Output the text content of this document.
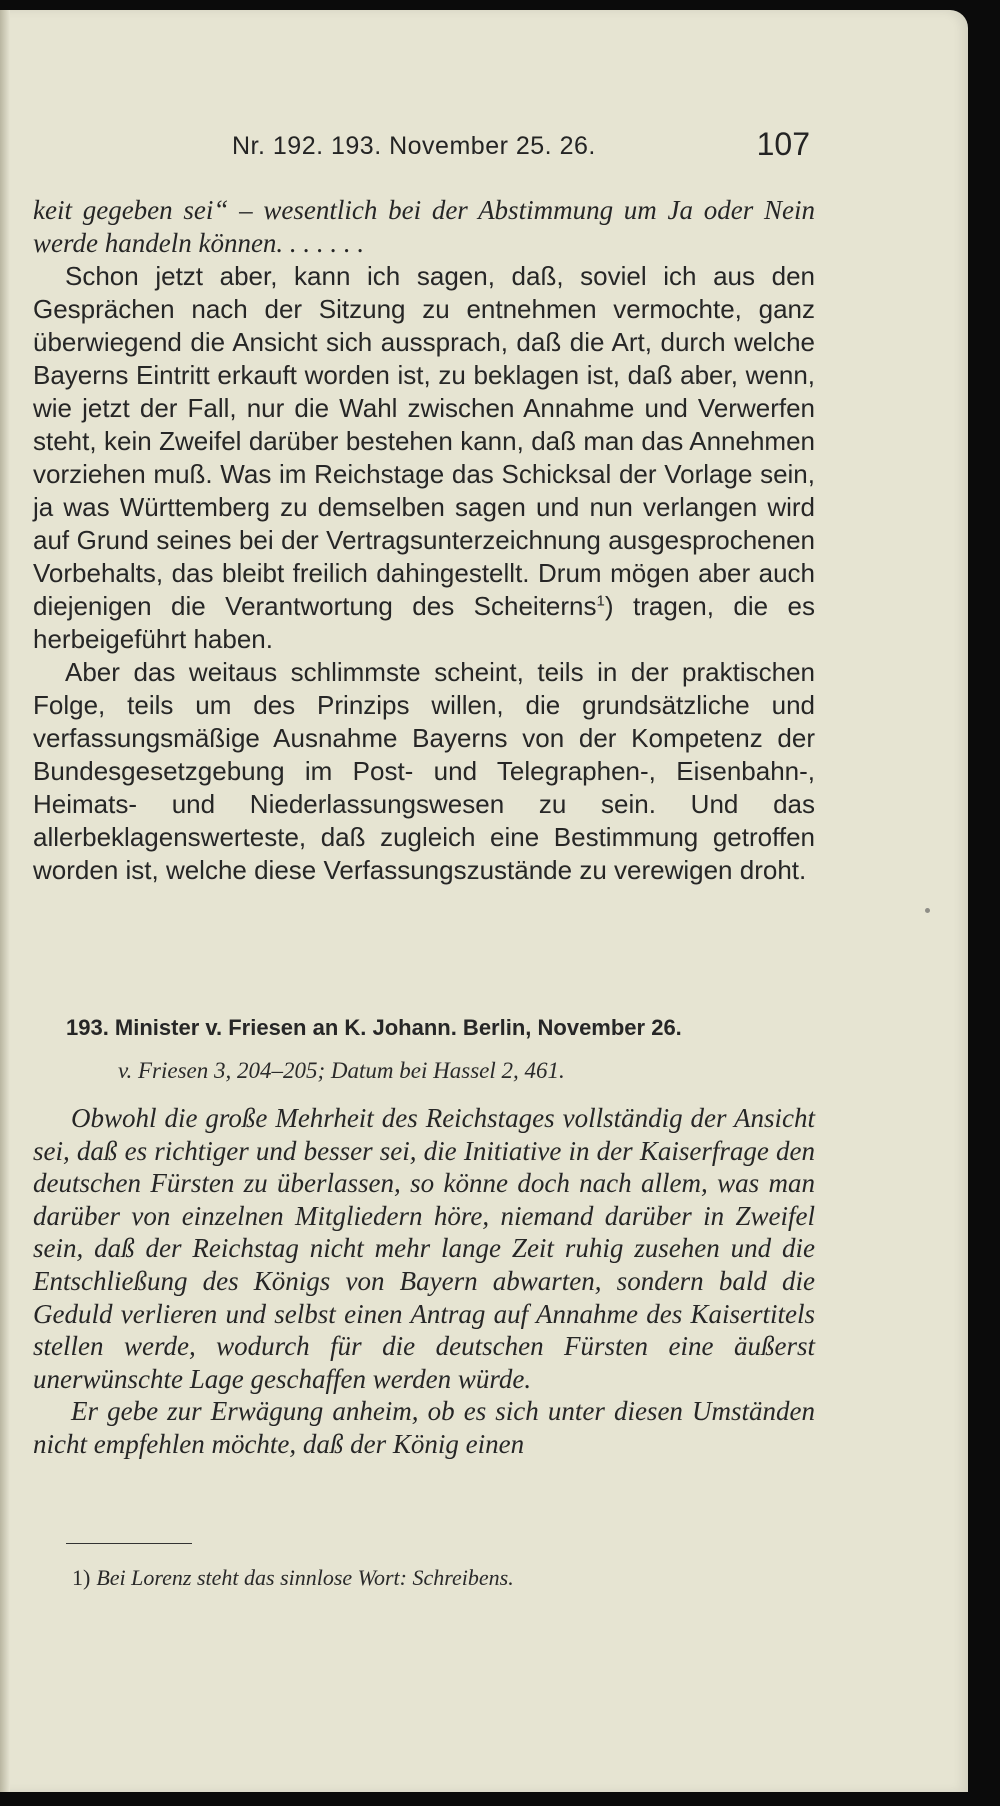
Nr. 192. 193. November 25. 26.	107

keit gegeben sei“ – wesentlich bei der Abstimmung um Ja oder Nein werde handeln können. . . . . . .

Schon jetzt aber, kann ich sagen, daß, soviel ich aus den Gesprächen nach der Sitzung zu entnehmen vermochte, ganz überwiegend die Ansicht sich aussprach, daß die Art, durch welche Bayerns Eintritt erkauft worden ist, zu beklagen ist, daß aber, wenn, wie jetzt der Fall, nur die Wahl zwischen Annahme und Verwerfen steht, kein Zweifel darüber bestehen kann, daß man das Annehmen vorziehen muß. Was im Reichstage das Schicksal der Vorlage sein, ja was Württemberg zu demselben sagen und nun verlangen wird auf Grund seines bei der Vertragsunterzeichnung ausgesprochenen Vorbehalts, das bleibt freilich dahingestellt. Drum mögen aber auch diejenigen die Verantwortung des Scheiterns$^1$) tragen, die es herbeigeführt haben.

Aber das weitaus schlimmste scheint, teils in der praktischen Folge, teils um des Prinzips willen, die grundsätzliche und verfassungsmäßige Ausnahme Bayerns von der Kompetenz der Bundesgesetzgebung im Post- und Telegraphen-, Eisenbahn-, Heimats- und Niederlassungswesen zu sein. Und das allerbeklagenswerteste, daß zugleich eine Bestimmung getroffen worden ist, welche diese Verfassungszustände zu verewigen droht.

193. Minister v. Friesen an K. Johann. Berlin, November 26.
v. Friesen 3, 204–205; Datum bei Hassel 2, 461.

Obwohl die große Mehrheit des Reichstages vollständig der Ansicht sei, daß es richtiger und besser sei, die Initiative in der Kaiserfrage den deutschen Fürsten zu überlassen, so könne doch nach allem, was man darüber von einzelnen Mitgliedern höre, niemand darüber in Zweifel sein, daß der Reichstag nicht mehr lange Zeit ruhig zusehen und die Entschließung des Königs von Bayern abwarten, sondern bald die Geduld verlieren und selbst einen Antrag auf Annahme des Kaisertitels stellen werde, wodurch für die deutschen Fürsten eine äußerst unerwünschte Lage geschaffen werden würde.

Er gebe zur Erwägung anheim, ob es sich unter diesen Umständen nicht empfehlen möchte, daß der König einen

1) Bei Lorenz steht das sinnlose Wort: Schreibens.
